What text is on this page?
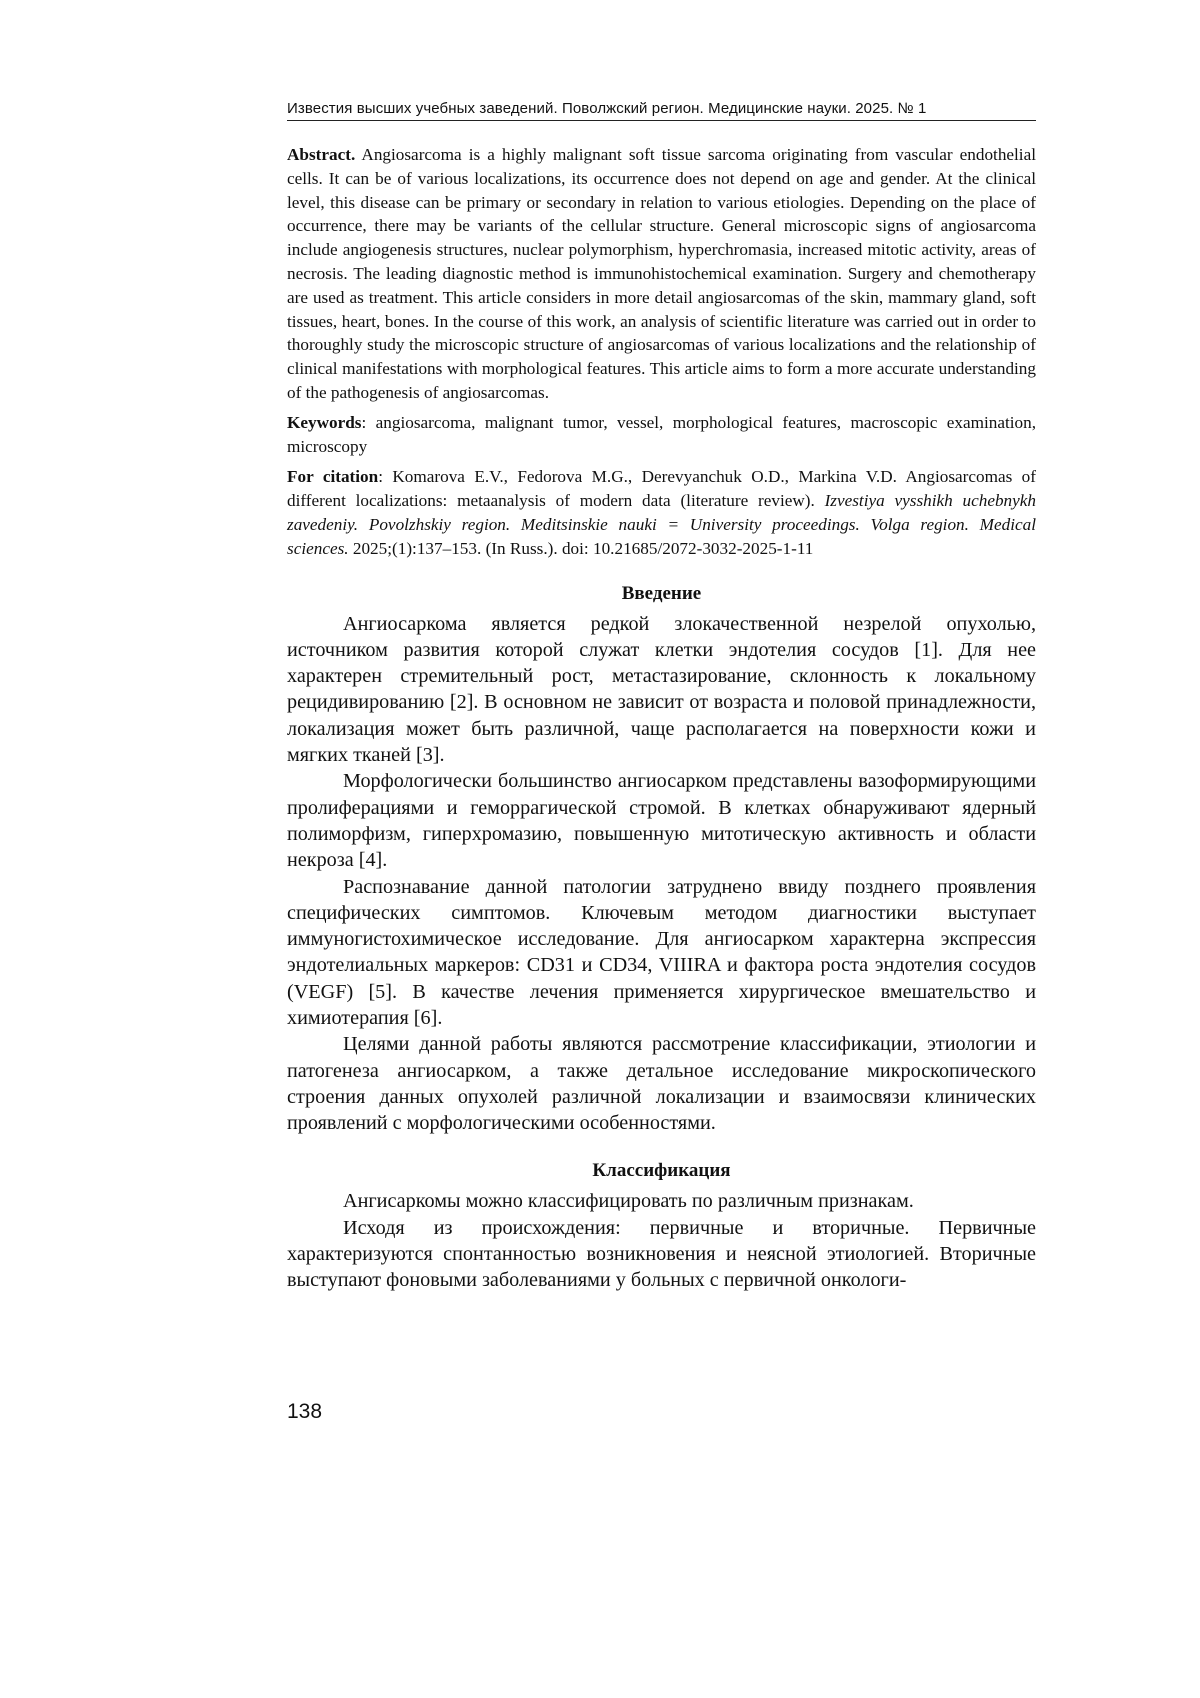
Известия высших учебных заведений. Поволжский регион. Медицинские науки. 2025. № 1

Abstract. Angiosarcoma is a highly malignant soft tissue sarcoma originating from vascular endothelial cells. It can be of various localizations, its occurrence does not depend on age and gender. At the clinical level, this disease can be primary or secondary in relation to various etiologies. Depending on the place of occurrence, there may be variants of the cellular structure. General microscopic signs of angiosarcoma include angiogenesis structures, nuclear polymorphism, hyperchromasia, increased mitotic activity, areas of necrosis. The leading diagnostic method is immunohistochemical examination. Surgery and chemotherapy are used as treatment. This article considers in more detail angiosarcomas of the skin, mammary gland, soft tissues, heart, bones. In the course of this work, an analysis of scientific literature was carried out in order to thoroughly study the microscopic structure of angiosarcomas of various localizations and the relationship of clinical manifestations with morphological features. This article aims to form a more accurate understanding of the pathogenesis of angiosarcomas.

Keywords: angiosarcoma, malignant tumor, vessel, morphological features, macroscopic examination, microscopy

For citation: Komarova E.V., Fedorova M.G., Derevyanchuk O.D., Markina V.D. Angiosarcomas of different localizations: metaanalysis of modern data (literature review). Izvestiya vysshikh uchebnykh zavedeniy. Povolzhskiy region. Meditsinskie nauki = University proceedings. Volga region. Medical sciences. 2025;(1):137–153. (In Russ.). doi: 10.21685/2072-3032-2025-1-11

Введение

Ангиосаркома является редкой злокачественной незрелой опухолью, источником развития которой служат клетки эндотелия сосудов [1]. Для нее характерен стремительный рост, метастазирование, склонность к локальному рецидивированию [2]. В основном не зависит от возраста и половой принадлежности, локализация может быть различной, чаще располагается на поверхности кожи и мягких тканей [3].

Морфологически большинство ангиосарком представлены вазоформирующими пролиферациями и геморрагической стромой. В клетках обнаруживают ядерный полиморфизм, гиперхромазию, повышенную митотическую активность и области некроза [4].

Распознавание данной патологии затруднено ввиду позднего проявления специфических симптомов. Ключевым методом диагностики выступает иммуногистохимическое исследование. Для ангиосарком характерна экспрессия эндотелиальных маркеров: CD31 и CD34, VIIIRA и фактора роста эндотелия сосудов (VEGF) [5]. В качестве лечения применяется хирургическое вмешательство и химиотерапия [6].

Целями данной работы являются рассмотрение классификации, этиологии и патогенеза ангиосарком, а также детальное исследование микроскопического строения данных опухолей различной локализации и взаимосвязи клинических проявлений с морфологическими особенностями.

Классификация

Ангисаркомы можно классифицировать по различным признакам.

Исходя из происхождения: первичные и вторичные. Первичные характеризуются спонтанностью возникновения и неясной этиологией. Вторичные выступают фоновыми заболеваниями у больных с первичной онкологи-

138
